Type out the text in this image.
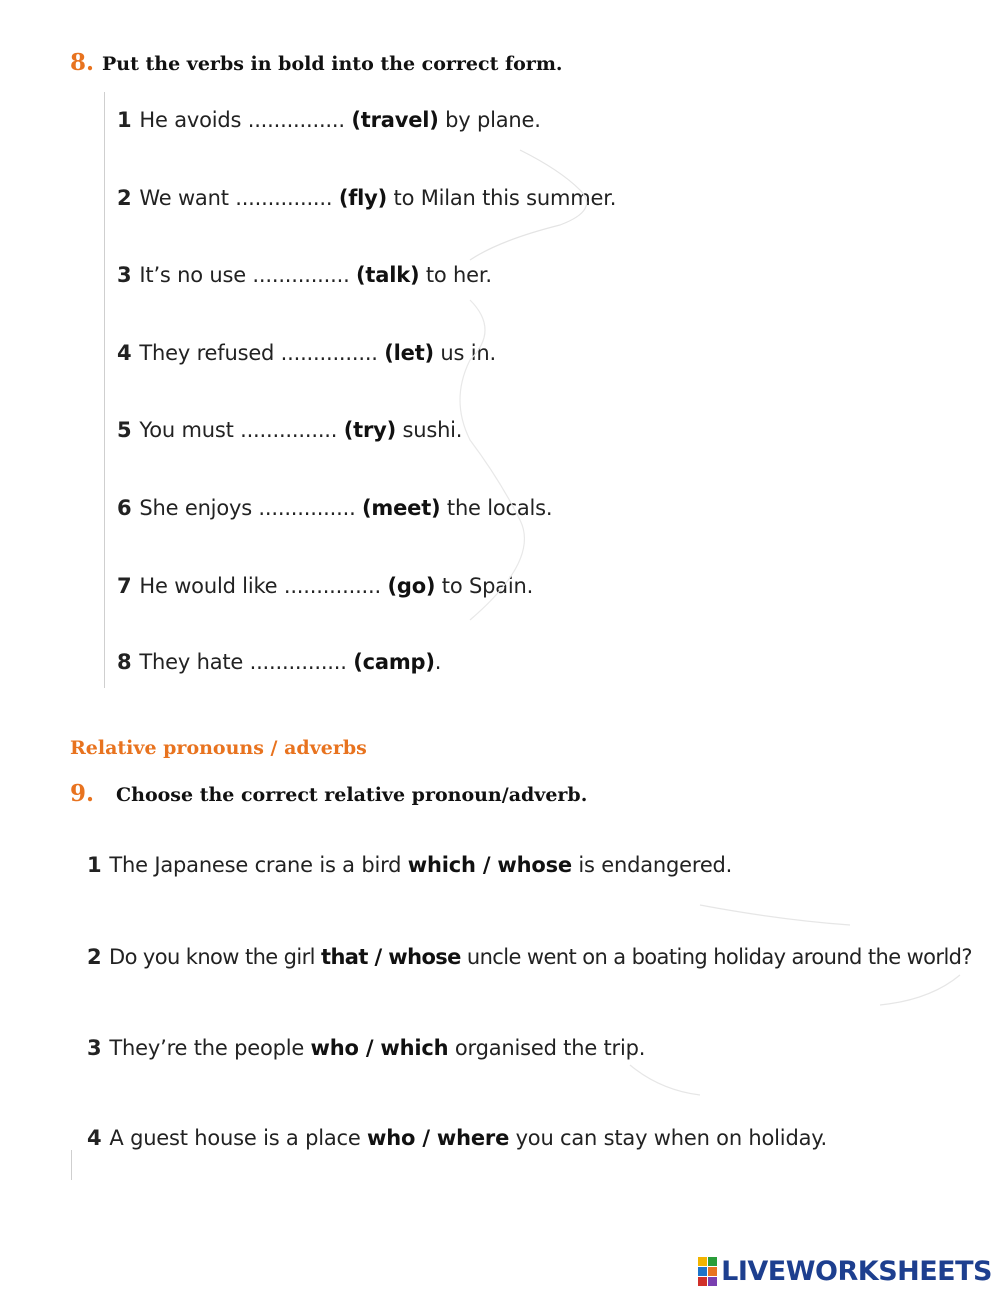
8. Put the verbs in bold into the correct form.
1 He avoids ............... (travel) by plane.
2 We want ............... (fly) to Milan this summer.
3 It’s no use ............... (talk) to her.
4 They refused ............... (let) us in.
5 You must ............... (try) sushi.
6 She enjoys ............... (meet) the locals.
7 He would like ............... (go) to Spain.
8 They hate ............... (camp).
Relative pronouns / adverbs
9. Choose the correct relative pronoun/adverb.
1 The Japanese crane is a bird which / whose is endangered.
2 Do you know the girl that / whose uncle went on a boating holiday around the world?
3 They’re the people who / which organised the trip.
4 A guest house is a place who / where you can stay when on holiday.
LIVEWORKSHEETS
